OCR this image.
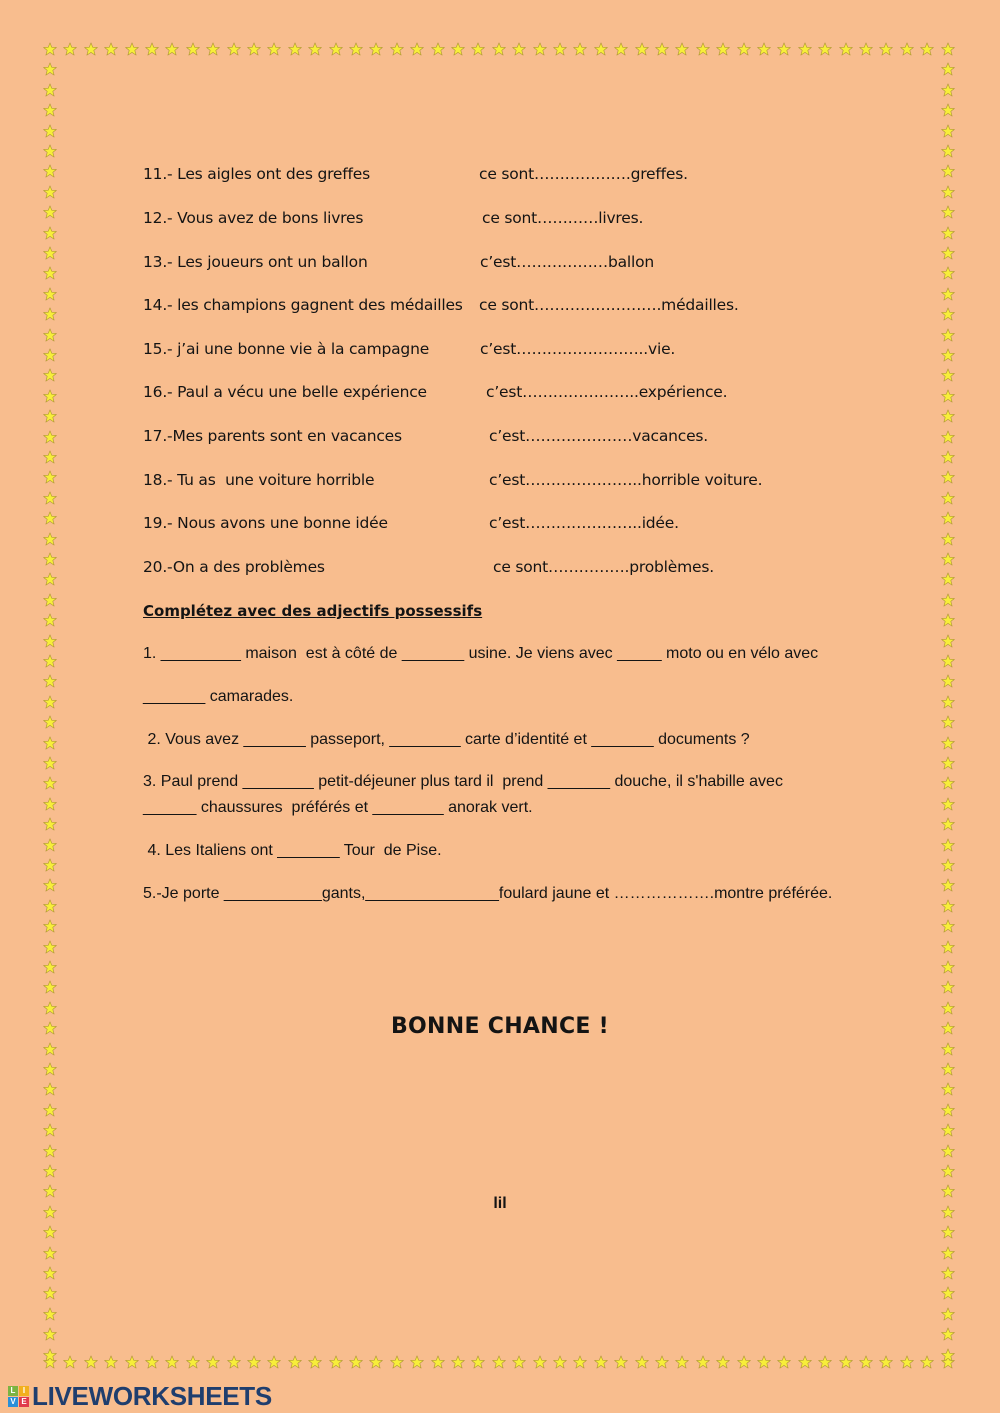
11.- Les aigles ont des greffes	ce sont……………….greffes.
12.- Vous avez de bons livres	ce sont…………livres.
13.- Les joueurs ont un ballon	c’est………………ballon
14.- les champions gagnent des médailles ce sont…………………….médailles.
15.- j’ai une bonne vie à la campagne	c’est……………………..vie.
16.- Paul a vécu une belle expérience	c’est…………………..expérience.
17.-Mes parents sont en vacances	c’est…………………vacances.
18.- Tu as  une voiture horrible	c’est…………………..horrible voiture.
19.- Nous avons une bonne idée	c’est…………………..idée.
20.-On a des problèmes	ce sont…………….problèmes.
Complétez avec des adjectifs possessifs
1. _________ maison  est à côté de _______ usine. Je viens avec _____ moto ou en vélo avec
_______ camarades.
2. Vous avez _______ passeport, ________ carte d’identité et _______ documents ?
3. Paul prend ________ petit-déjeuner plus tard il  prend _______ douche, il s'habille avec
______ chaussures  préférés et ________ anorak vert.
4. Les Italiens ont _______ Tour  de Pise.
5.-Je porte ___________gants,_______________foulard jaune et ……………….montre préférée.
BONNE CHANCE !
lil
L I
V E LIVEWORKSHEETS
